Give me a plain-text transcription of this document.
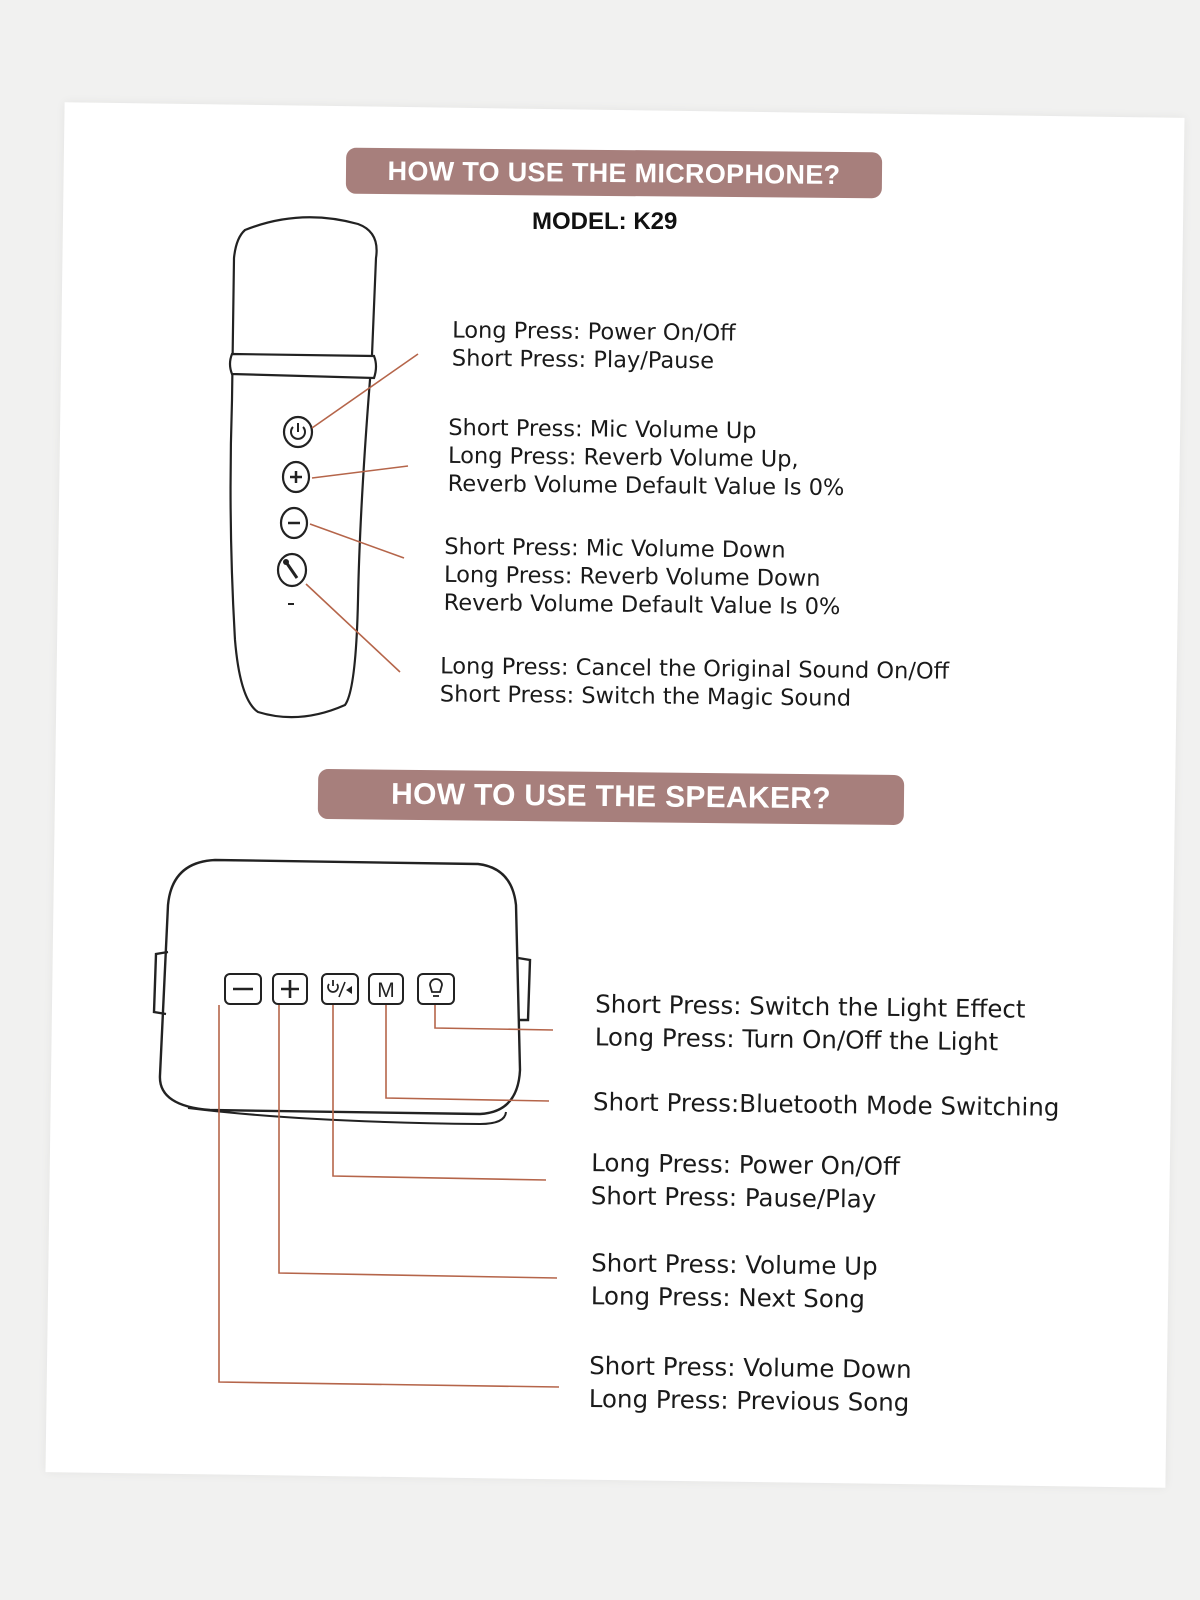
HOW TO USE THE MICROPHONE?
MODEL: K29
HOW TO USE THE SPEAKER?
M
Long Press: Power On/Off
Short Press: Play/Pause
Short Press: Mic Volume Up
Long Press: Reverb Volume Up,
Reverb Volume Default Value Is 0%
Short Press: Mic Volume Down
Long Press: Reverb Volume Down
Reverb Volume Default Value Is 0%
Long Press: Cancel the Original Sound On/Off
Short Press: Switch the Magic Sound
Short Press: Switch the Light Effect
Long Press: Turn On/Off the Light
Short Press:Bluetooth Mode Switching
Long Press: Power On/Off
Short Press: Pause/Play
Short Press: Volume Up
Long Press: Next Song
Short Press: Volume Down
Long Press: Previous Song
